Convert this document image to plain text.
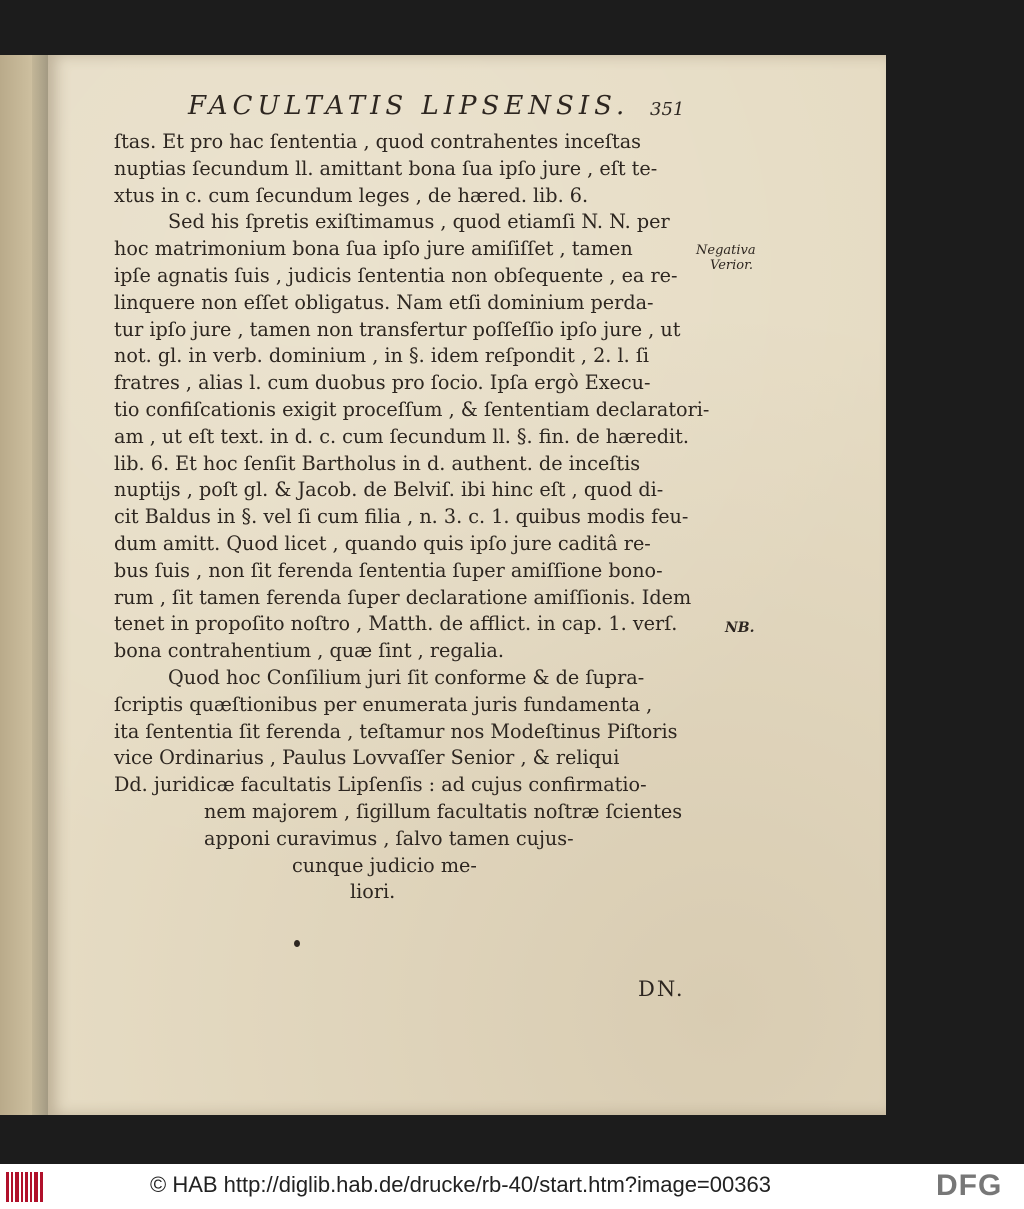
FACULTATIS LIPSENSIS.	351
ſtas. Et pro hac ſententia , quod contrahentes inceſtas
nuptias ſecundum ll. amittant bona ſua ipſo jure , eſt te-
xtus in c. cum ſecundum leges , de hæred. lib. 6.
Sed his ſpretis exiſtimamus , quod etiamſi N. N. per
hoc matrimonium bona ſua ipſo jure amiſiſſet , tamen
ipſe agnatis ſuis , judicis ſententia non obſequente , ea re-
linquere non eſſet obligatus. Nam etſi dominium perda-
tur ipſo jure , tamen non transfertur poſſeſſio ipſo jure , ut
not. gl. in verb. dominium , in §. idem reſpondit , 2. l. ſi
fratres , alias l. cum duobus pro ſocio. Ipſa ergò Execu-
tio confiſcationis exigit proceſſum , & ſententiam declaratori-
am , ut eſt text. in d. c. cum ſecundum ll. §. fin. de hæredit.
lib. 6. Et hoc ſenſit Bartholus in d. authent. de inceſtis
nuptijs , poſt gl. & Jacob. de Belviſ. ibi hinc eſt , quod di-
cit Baldus in §. vel ſi cum filia , n. 3. c. 1. quibus modis feu-
dum amitt. Quod licet , quando quis ipſo jure caditâ re-
bus ſuis , non ſit ferenda ſententia ſuper amiſſione bono-
rum , ſit tamen ferenda ſuper declaratione amiſſionis. Idem
tenet in propoſito noſtro , Matth. de afflict. in cap. 1. verſ.
bona contrahentium , quæ ſint , regalia.
Quod hoc Conſilium juri ſit conforme & de ſupra-
ſcriptis quæſtionibus per enumerata juris fundamenta ,
ita ſententia ſit ferenda , teſtamur nos Modeſtinus Piſtoris
vice Ordinarius , Paulus Lovvaſſer Senior , & reliqui
Dd. juridicæ facultatis Lipſenſis : ad cujus confirmatio-
nem majorem , ſigillum facultatis noſtræ ſcientes
apponi curavimus , ſalvo tamen cujus-
cunque judicio me-
liori.
Negativa
Verior.
NB.
DN.
© HAB http://diglib.hab.de/drucke/rb-40/start.htm?image=00363	DFG
